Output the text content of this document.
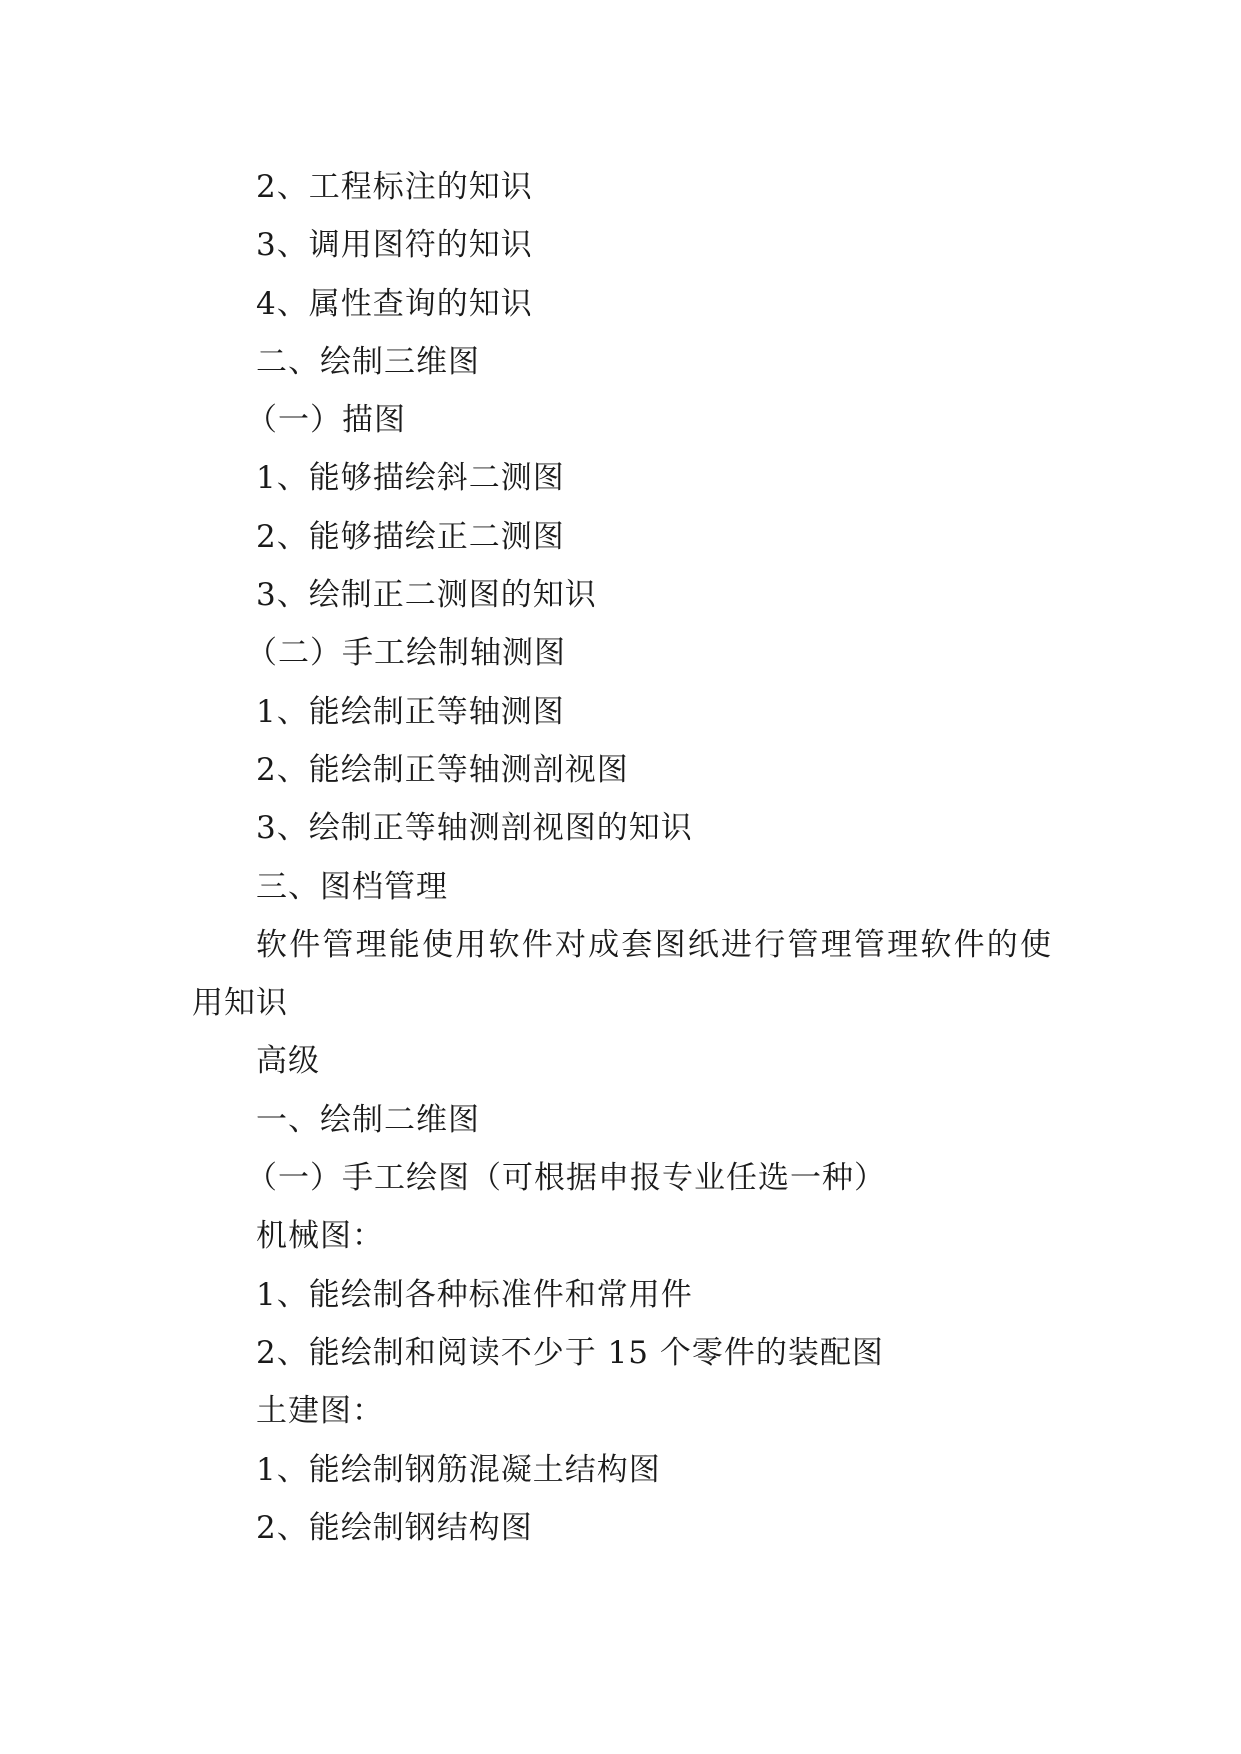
2、工程标注的知识

3、调用图符的知识

4、属性查询的知识

二、绘制三维图

（一）描图

1、能够描绘斜二测图

2、能够描绘正二测图

3、绘制正二测图的知识

（二）手工绘制轴测图

1、能绘制正等轴测图

2、能绘制正等轴测剖视图

3、绘制正等轴测剖视图的知识

三、图档管理

软件管理能使用软件对成套图纸进行管理管理软件的使用知识

高级

一、绘制二维图

（一）手工绘图（可根据申报专业任选一种）

机械图：

1、能绘制各种标准件和常用件

2、能绘制和阅读不少于 15 个零件的装配图

土建图：

1、能绘制钢筋混凝土结构图

2、能绘制钢结构图
